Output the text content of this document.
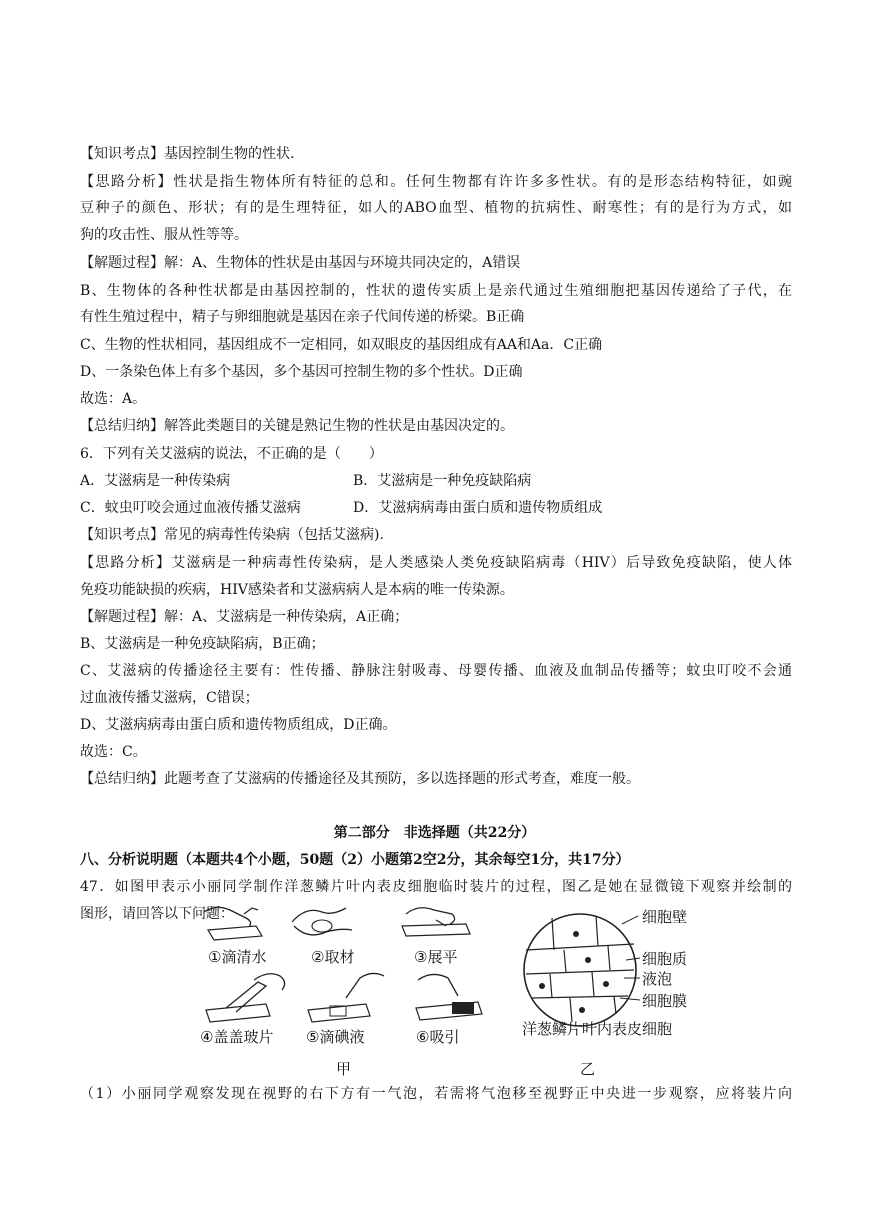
【知识考点】基因控制生物的性状.
【思路分析】性状是指生物体所有特征的总和。任何生物都有许许多多性状。有的是形态结构特征，如豌
豆种子的颜色、形状；有的是生理特征，如人的ABO血型、植物的抗病性、耐寒性；有的是行为方式，如
狗的攻击性、服从性等等。
【解题过程】解：A、生物体的性状是由基因与环境共同决定的，A错误
B、生物体的各种性状都是由基因控制的，性状的遗传实质上是亲代通过生殖细胞把基因传递给了子代，在
有性生殖过程中，精子与卵细胞就是基因在亲子代间传递的桥梁。B正确
C、生物的性状相同，基因组成不一定相同，如双眼皮的基因组成有AA和Aa．C正确
D、一条染色体上有多个基因，多个基因可控制生物的多个性状。D正确
故选：A。
【总结归纳】解答此类题目的关键是熟记生物的性状是由基因决定的。
6．下列有关艾滋病的说法，不正确的是（　　）
A．艾滋病是一种传染病	B．艾滋病是一种免疫缺陷病
C．蚊虫叮咬会通过血液传播艾滋病	D．艾滋病病毒由蛋白质和遗传物质组成
【知识考点】常见的病毒性传染病（包括艾滋病).
【思路分析】艾滋病是一种病毒性传染病，是人类感染人类免疫缺陷病毒（HIV）后导致免疫缺陷，使人体
免疫功能缺损的疾病，HIV感染者和艾滋病病人是本病的唯一传染源。
【解题过程】解：A、艾滋病是一种传染病，A正确；
B、艾滋病是一种免疫缺陷病，B正确；
C、艾滋病的传播途径主要有：性传播、静脉注射吸毒、母婴传播、血液及血制品传播等；蚊虫叮咬不会通
过血液传播艾滋病，C错误；
D、艾滋病病毒由蛋白质和遗传物质组成，D正确。
故选：C。
【总结归纳】此题考查了艾滋病的传播途径及其预防，多以选择题的形式考查，难度一般。
第二部分　非选择题（共22分）
八、分析说明题（本题共4个小题，50题（2）小题第2空2分，其余每空1分，共17分）
47．如图甲表示小丽同学制作洋葱鳞片叶内表皮细胞临时装片的过程，图乙是她在显微镜下观察并绘制的
图形，请回答以下问题：
①滴清水	②取材	③展平
④盖盖玻片 ⑤滴碘液	⑥吸引
细胞壁
细胞质
液泡
细胞膜
洋葱鳞片叶内表皮细胞
甲	乙
（1）小丽同学观察发现在视野的右下方有一气泡，若需将气泡移至视野正中央进一步观察，应将装片向
